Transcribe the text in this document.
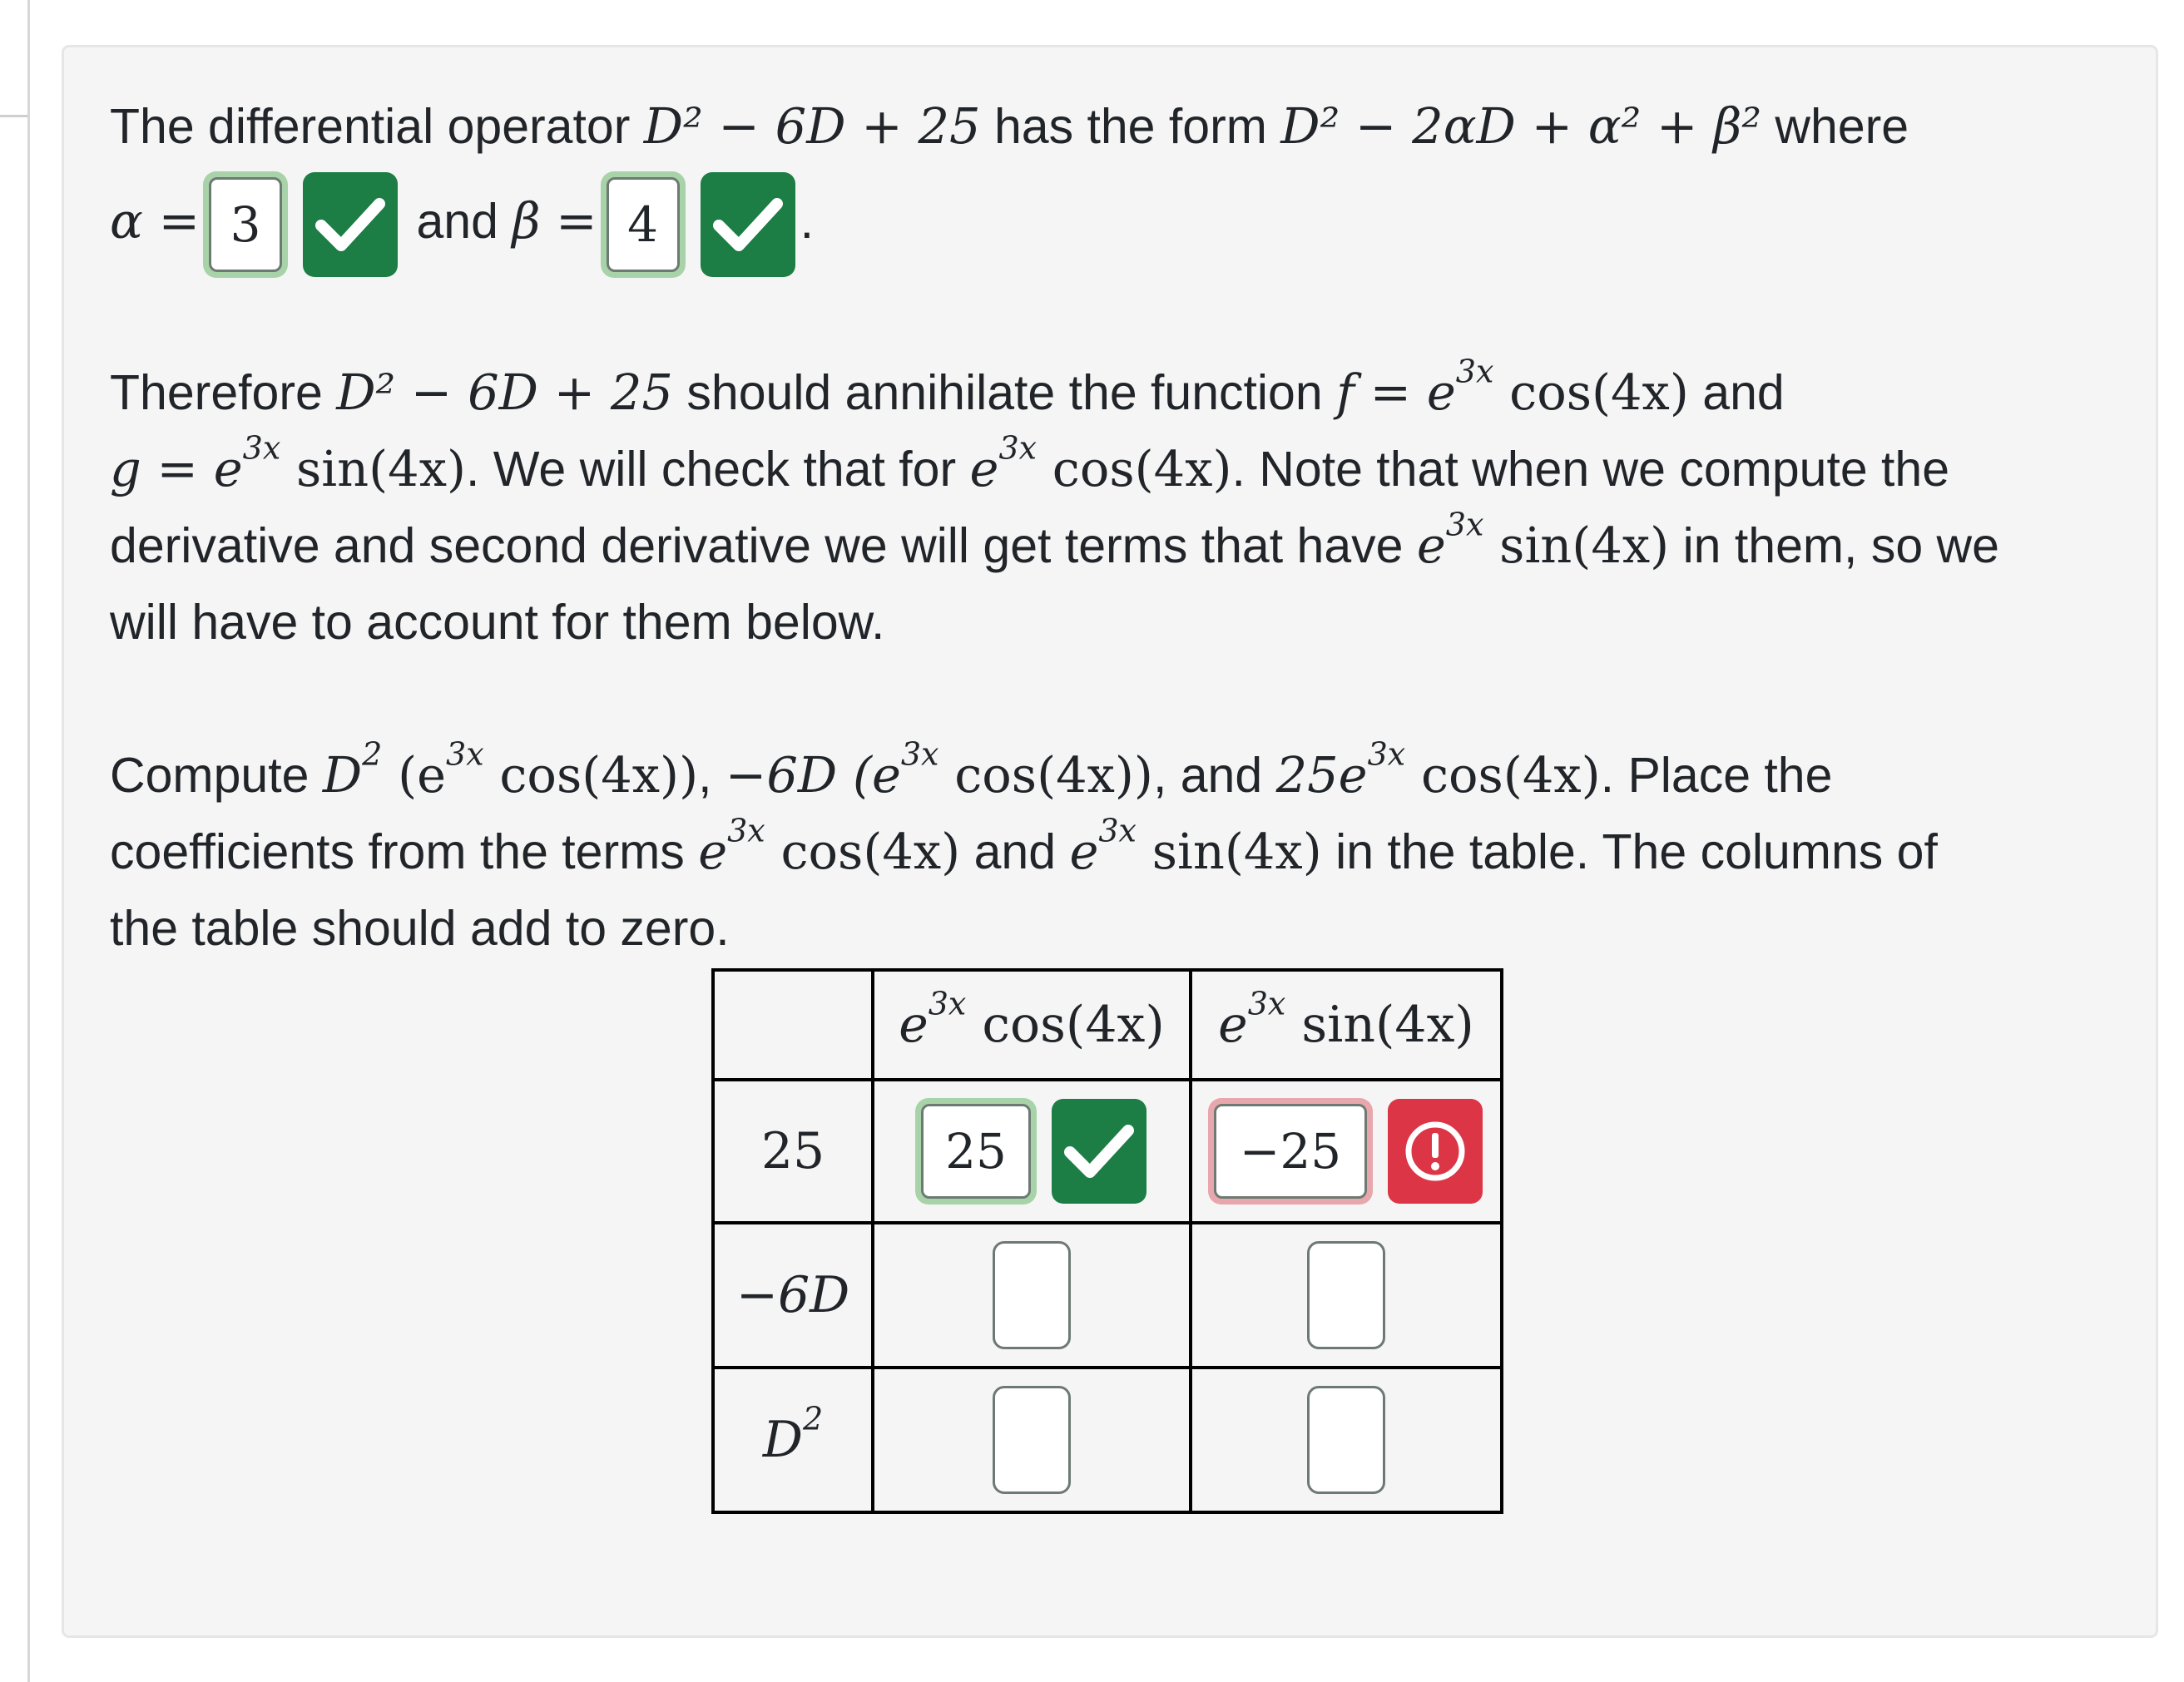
The differential operator D² − 6D + 25 has the form D² − 2αD + α² + β² where
α = 3	and β = 4	.
Therefore D² − 6D + 25 should annihilate the function $f = e^{3x}$ cos(4x) and
$g = e^{3x}$ sin(4x). We will check that for $e^{3x}$ cos(4x). Note that when we compute the
derivative and second derivative we will get terms that have $e^{3x}$ sin(4x) in them, so we
will have to account for them below.
Compute $D^2$ ($e^{3x}$ cos(4x)), −6D ($e^{3x}$ cos(4x)), and $25e^{3x}$ cos(4x). Place the
coefficients from the terms $e^{3x}$ cos(4x) and $e^{3x}$ sin(4x) in the table. The columns of
the table should add to zero.
	$e^{3x}$ cos(4x)	$e^{3x}$ sin(4x)
25	25	−25

−6D		
$D^2$		
